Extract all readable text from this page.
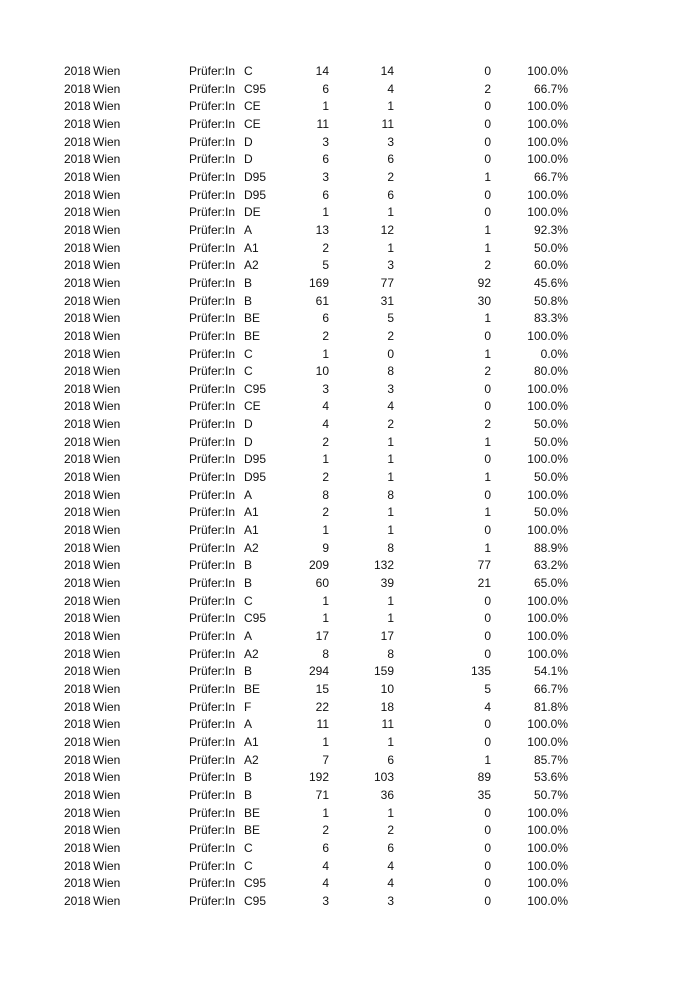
2018 Wien	Prüfer:In C	14	14	0	100.0%
2018 Wien	Prüfer:In C95	6	4	2	66.7%
2018 Wien	Prüfer:In CE	1	1	0	100.0%
2018 Wien	Prüfer:In CE	11	11	0	100.0%
2018 Wien	Prüfer:In D	3	3	0	100.0%
2018 Wien	Prüfer:In D	6	6	0	100.0%
2018 Wien	Prüfer:In D95	3	2	1	66.7%
2018 Wien	Prüfer:In D95	6	6	0	100.0%
2018 Wien	Prüfer:In DE	1	1	0	100.0%
2018 Wien	Prüfer:In A	13	12	1	92.3%
2018 Wien	Prüfer:In A1	2	1	1	50.0%
2018 Wien	Prüfer:In A2	5	3	2	60.0%
2018 Wien	Prüfer:In B	169	77	92	45.6%
2018 Wien	Prüfer:In B	61	31	30	50.8%
2018 Wien	Prüfer:In BE	6	5	1	83.3%
2018 Wien	Prüfer:In BE	2	2	0	100.0%
2018 Wien	Prüfer:In C	1	0	1	0.0%
2018 Wien	Prüfer:In C	10	8	2	80.0%
2018 Wien	Prüfer:In C95	3	3	0	100.0%
2018 Wien	Prüfer:In CE	4	4	0	100.0%
2018 Wien	Prüfer:In D	4	2	2	50.0%
2018 Wien	Prüfer:In D	2	1	1	50.0%
2018 Wien	Prüfer:In D95	1	1	0	100.0%
2018 Wien	Prüfer:In D95	2	1	1	50.0%
2018 Wien	Prüfer:In A	8	8	0	100.0%
2018 Wien	Prüfer:In A1	2	1	1	50.0%
2018 Wien	Prüfer:In A1	1	1	0	100.0%
2018 Wien	Prüfer:In A2	9	8	1	88.9%
2018 Wien	Prüfer:In B	209	132	77	63.2%
2018 Wien	Prüfer:In B	60	39	21	65.0%
2018 Wien	Prüfer:In C	1	1	0	100.0%
2018 Wien	Prüfer:In C95	1	1	0	100.0%
2018 Wien	Prüfer:In A	17	17	0	100.0%
2018 Wien	Prüfer:In A2	8	8	0	100.0%
2018 Wien	Prüfer:In B	294	159	135	54.1%
2018 Wien	Prüfer:In BE	15	10	5	66.7%
2018 Wien	Prüfer:In F	22	18	4	81.8%
2018 Wien	Prüfer:In A	11	11	0	100.0%
2018 Wien	Prüfer:In A1	1	1	0	100.0%
2018 Wien	Prüfer:In A2	7	6	1	85.7%
2018 Wien	Prüfer:In B	192	103	89	53.6%
2018 Wien	Prüfer:In B	71	36	35	50.7%
2018 Wien	Prüfer:In BE	1	1	0	100.0%
2018 Wien	Prüfer:In BE	2	2	0	100.0%
2018 Wien	Prüfer:In C	6	6	0	100.0%
2018 Wien	Prüfer:In C	4	4	0	100.0%
2018 Wien	Prüfer:In C95	4	4	0	100.0%
2018 Wien	Prüfer:In C95	3	3	0	100.0%
